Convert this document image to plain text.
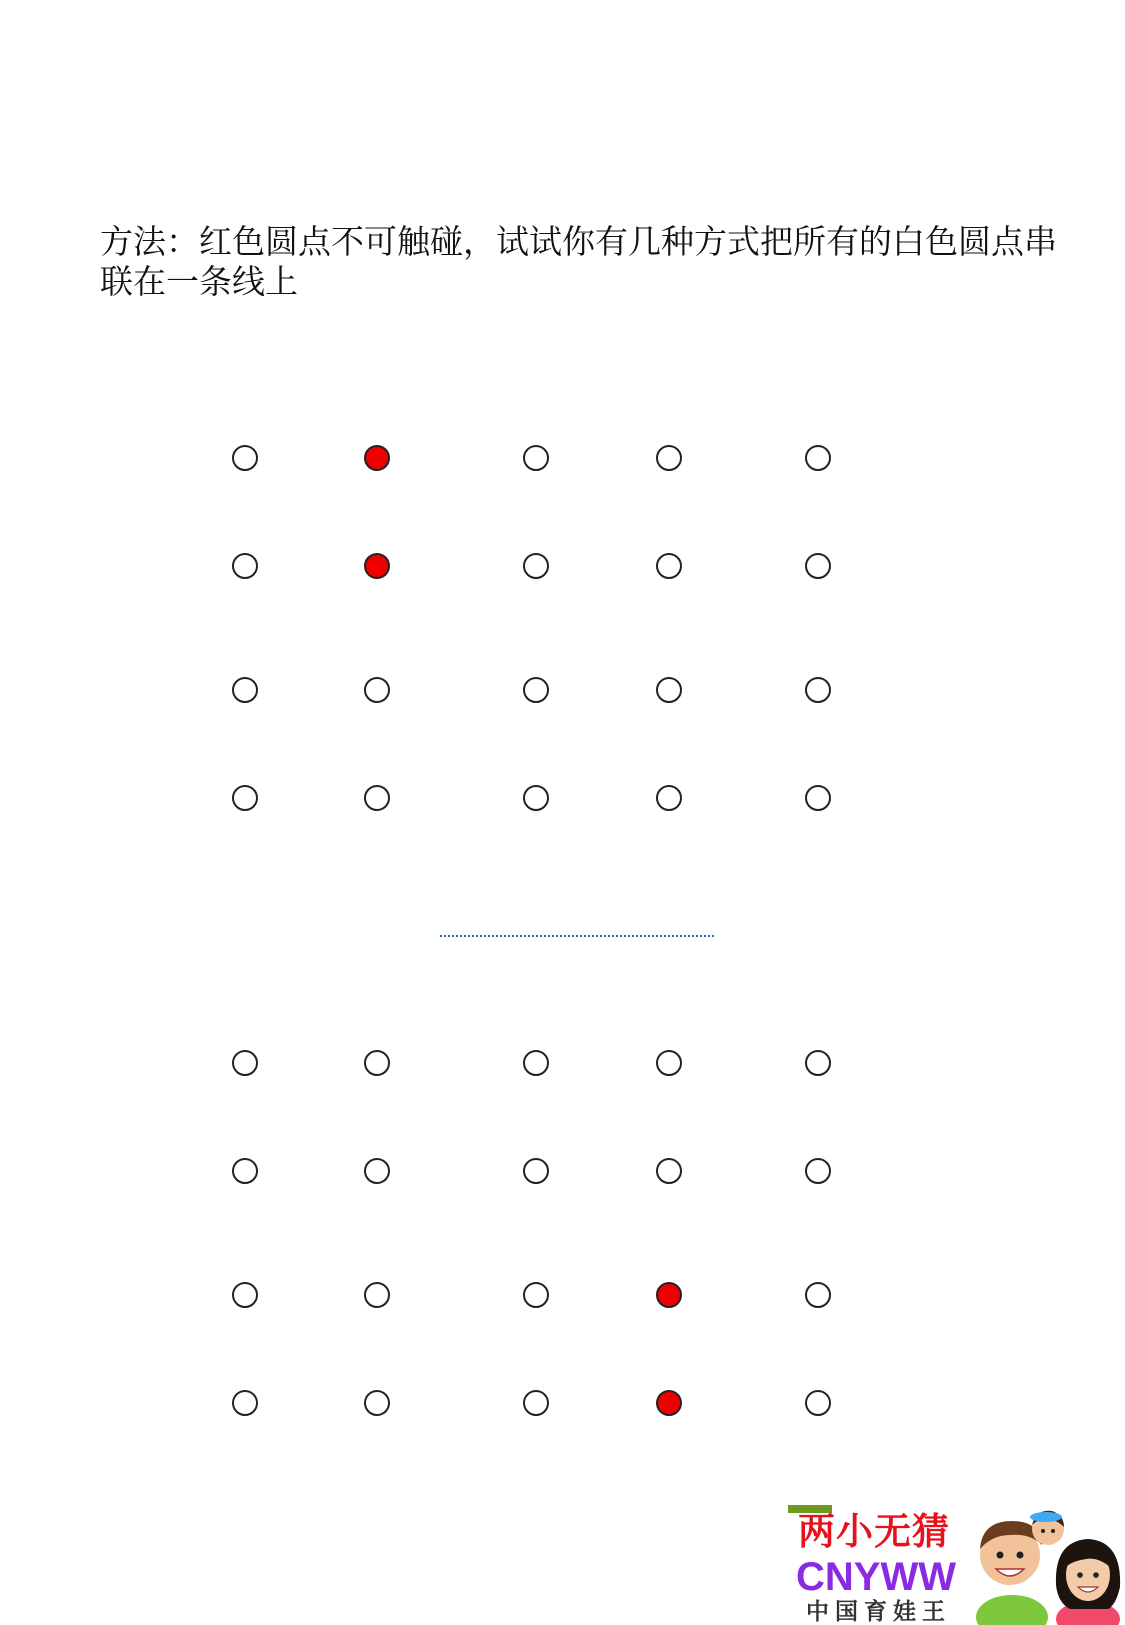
方法：红色圆点不可触碰，试试你有几种方式把所有的白色圆点串联在一条线上
两小无猜
CNYWW
中国育娃王
